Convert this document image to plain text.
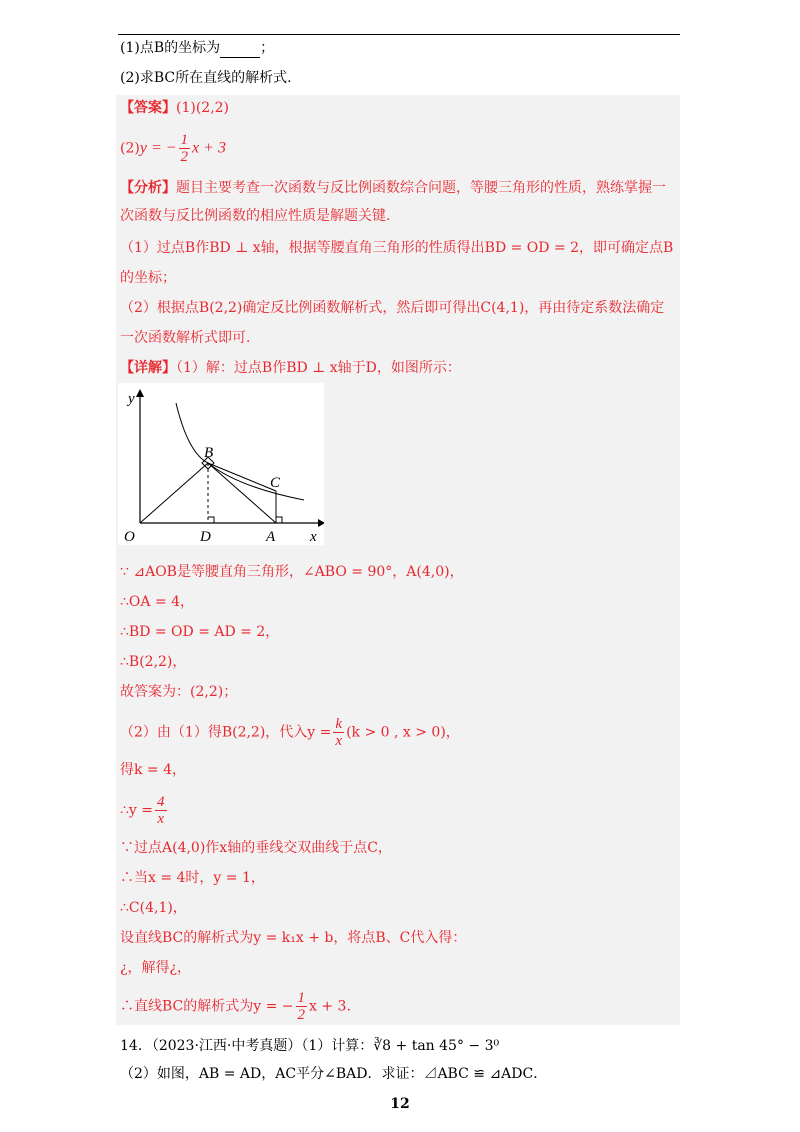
(1)点B的坐标为	；
(2)求BC所在直线的解析式.
【答案】(1)(2,2)
(2)y = − $\frac{1}{2}$ x + 3
【分析】题目主要考查一次函数与反比例函数综合问题，等腰三角形的性质，熟练掌握一
次函数与反比例函数的相应性质是解题关键.
（1）过点B作BD ⊥ x轴，根据等腰直角三角形的性质得出BD = OD = 2，即可确定点B
的坐标；
（2）根据点B(2,2)确定反比例函数解析式，然后即可得出C(4,1)，再由待定系数法确定
一次函数解析式即可.
【详解】（1）解：过点B作BD ⊥ x轴于D，如图所示：
y
x
O	D	A
B
C
∵ ⊿AOB是等腰直角三角形，∠ABO = 90°，A(4,0)，
∴OA = 4，
∴BD = OD = AD = 2，
∴B(2,2)，
故答案为：(2,2)；
（2）由（1）得B(2,2)，代入$y = \frac{k}{x} (k > 0$ , x > 0)，
得k = 4，
∴y = $\frac{4}{x}$
∵过点A(4,0)作x轴的垂线交双曲线于点C，
∴当x = 4时，y = 1，
∴C(4,1)，
设直线BC的解析式为y = k₁x + b，将点B、C代入得：
¿，解得¿，
∴直线BC的解析式为y = − $\frac{1}{2}$ x + 3.
14．（2023·江西·中考真题）（1）计算：∛8 + tan 45° − 3⁰
（2）如图，AB = AD，AC平分∠BAD．求证：⊿ABC ≌ ⊿ADC．
12
